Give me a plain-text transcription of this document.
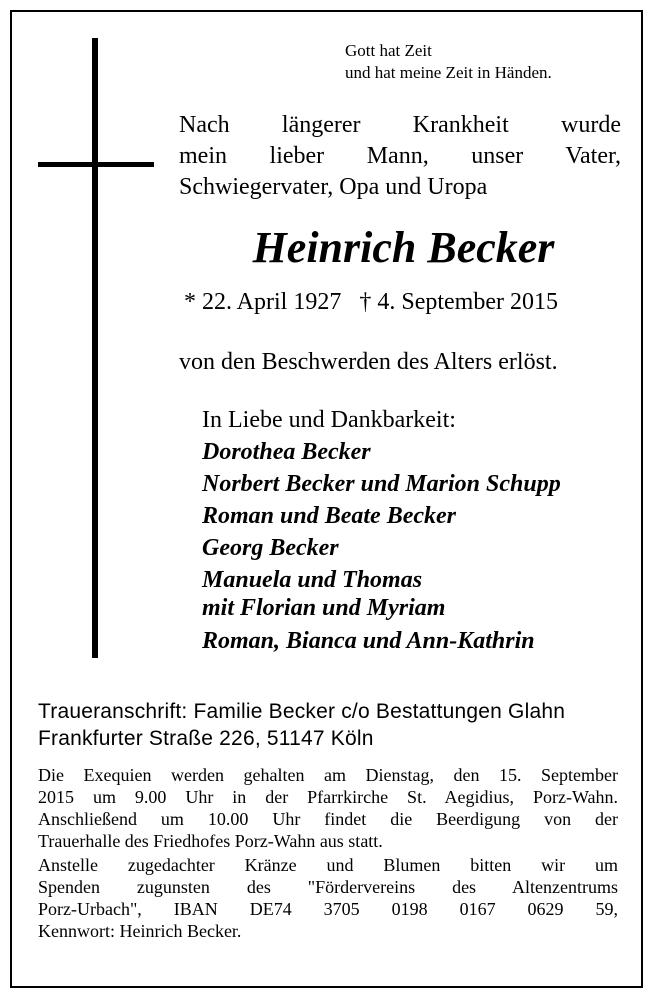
Gott hat Zeit
und hat meine Zeit in Händen.
Nach längerer Krankheit wurde
mein lieber Mann, unser Vater,
Schwiegervater, Opa und Uropa
Heinrich Becker
* 22. April 1927 † 4. September 2015
von den Beschwerden des Alters erlöst.
In Liebe und Dankbarkeit:
Dorothea Becker
Norbert Becker und Marion Schupp
Roman und Beate Becker
Georg Becker
Manuela und Thomas
mit Florian und Myriam
Roman, Bianca und Ann-Kathrin
Traueranschrift: Familie Becker c/o Bestattungen Glahn
Frankfurter Straße 226, 51147 Köln
Die Exequien werden gehalten am Dienstag, den 15. September
2015 um 9.00 Uhr in der Pfarrkirche St. Aegidius, Porz-Wahn.
Anschließend um 10.00 Uhr findet die Beerdigung von der
Trauerhalle des Friedhofes Porz-Wahn aus statt.
Anstelle zugedachter Kränze und Blumen bitten wir um
Spenden zugunsten des "Fördervereins des Altenzentrums
Porz-Urbach", IBAN DE74 3705 0198 0167 0629 59,
Kennwort: Heinrich Becker.
